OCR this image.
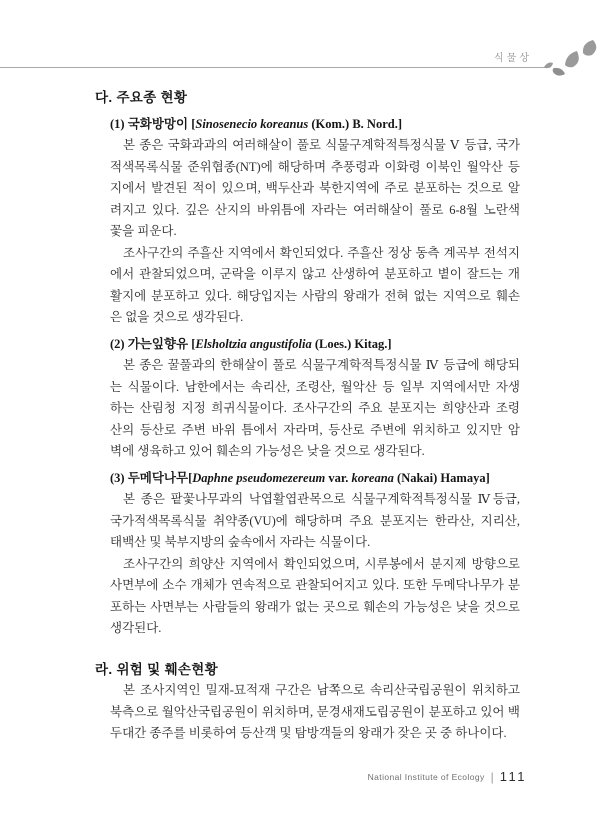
식물상
다. 주요종 현황
(1) 국화방망이 [Sinosenecio koreanus (Kom.) B. Nord.]
본 종은 국화과과의 여러해살이 풀로 식물구계학적특정식물 Ⅴ 등급, 국가
적색목록식물 준위협종(NT)에 해당하며 추풍령과 이화령 이북인 월악산 등
지에서 발견된 적이 있으며, 백두산과 북한지역에 주로 분포하는 것으로 알
려지고 있다. 깊은 산지의 바위틈에 자라는 여러해살이 풀로 6-8월 노란색
꽃을 피운다.
조사구간의 주흘산 지역에서 확인되었다. 주흘산 정상 동측 계곡부 전석지
에서 관찰되었으며, 군락을 이루지 않고 산생하여 분포하고 볕이 잘드는 개
활지에 분포하고 있다. 해당입지는 사람의 왕래가 전혀 없는 지역으로 훼손
은 없을 것으로 생각된다.
(2) 가는잎향유 [Elsholtzia angustifolia (Loes.) Kitag.]
본 종은 꿀풀과의 한해살이 풀로 식물구계학적특정식물 Ⅳ 등급에 해당되
는 식물이다. 남한에서는 속리산, 조령산, 월악산 등 일부 지역에서만 자생
하는 산림청 지정 희귀식물이다. 조사구간의 주요 분포지는 희양산과 조령
산의 등산로 주변 바위 틈에서 자라며, 등산로 주변에 위치하고 있지만 암
벽에 생육하고 있어 훼손의 가능성은 낮을 것으로 생각된다.
(3) 두메닥나무[Daphne pseudomezereum var. koreana (Nakai) Hamaya]
본 종은 팥꽃나무과의 낙엽활엽관목으로 식물구계학적특정식물 Ⅳ등급,
국가적색목록식물 취약종(VU)에 해당하며 주요 분포지는 한라산, 지리산,
태백산 및 북부지방의 숲속에서 자라는 식물이다.
조사구간의 희양산 지역에서 확인되었으며, 시루봉에서 분지제 방향으로
사면부에 소수 개체가 연속적으로 관찰되어지고 있다. 또한 두메닥나무가 분
포하는 사면부는 사람들의 왕래가 없는 곳으로 훼손의 가능성은 낮을 것으로
생각된다.
라. 위험 및 훼손현황
본 조사지역인 밀재-묘적재 구간은 남쪽으로 속리산국립공원이 위치하고
북측으로 월악산국립공원이 위치하며, 문경새재도립공원이 분포하고 있어 백
두대간 종주를 비롯하여 등산객 및 탐방객들의 왕래가 잦은 곳 중 하나이다.
National Institute of Ecology | 111
